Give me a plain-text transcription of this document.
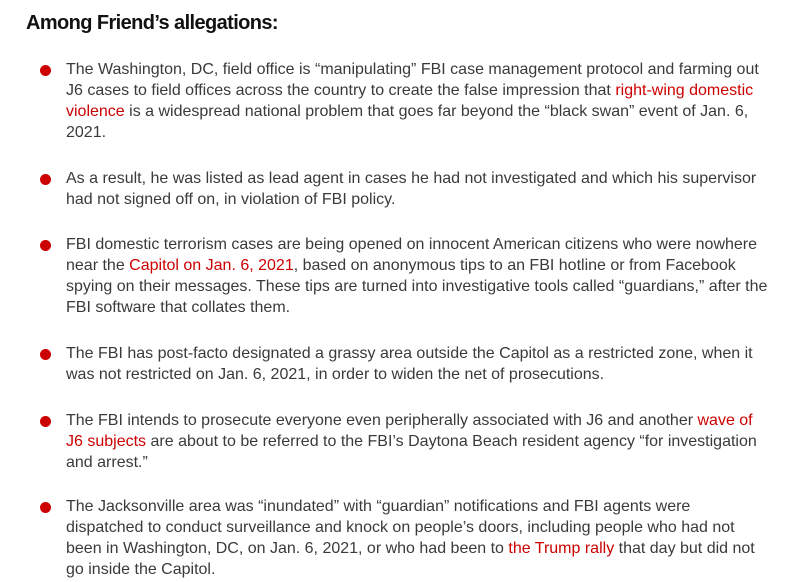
Among Friend’s allegations:
The Washington, DC, field office is “manipulating” FBI case management protocol and farming out J6 cases to field offices across the country to create the false impression that right-wing domestic violence is a widespread national problem that goes far beyond the “black swan” event of Jan. 6, 2021.
As a result, he was listed as lead agent in cases he had not investigated and which his supervisor had not signed off on, in violation of FBI policy.
FBI domestic terrorism cases are being opened on innocent American citizens who were nowhere near the Capitol on Jan. 6, 2021, based on anonymous tips to an FBI hotline or from Facebook spying on their messages. These tips are turned into investigative tools called “guardians,” after the FBI software that collates them.
The FBI has post-facto designated a grassy area outside the Capitol as a restricted zone, when it was not restricted on Jan. 6, 2021, in order to widen the net of prosecutions.
The FBI intends to prosecute everyone even peripherally associated with J6 and another wave of J6 subjects are about to be referred to the FBI’s Daytona Beach resident agency “for investigation and arrest.”
The Jacksonville area was “inundated” with “guardian” notifications and FBI agents were dispatched to conduct surveillance and knock on people’s doors, including people who had not been in Washington, DC, on Jan. 6, 2021, or who had been to the Trump rally that day but did not go inside the Capitol.
